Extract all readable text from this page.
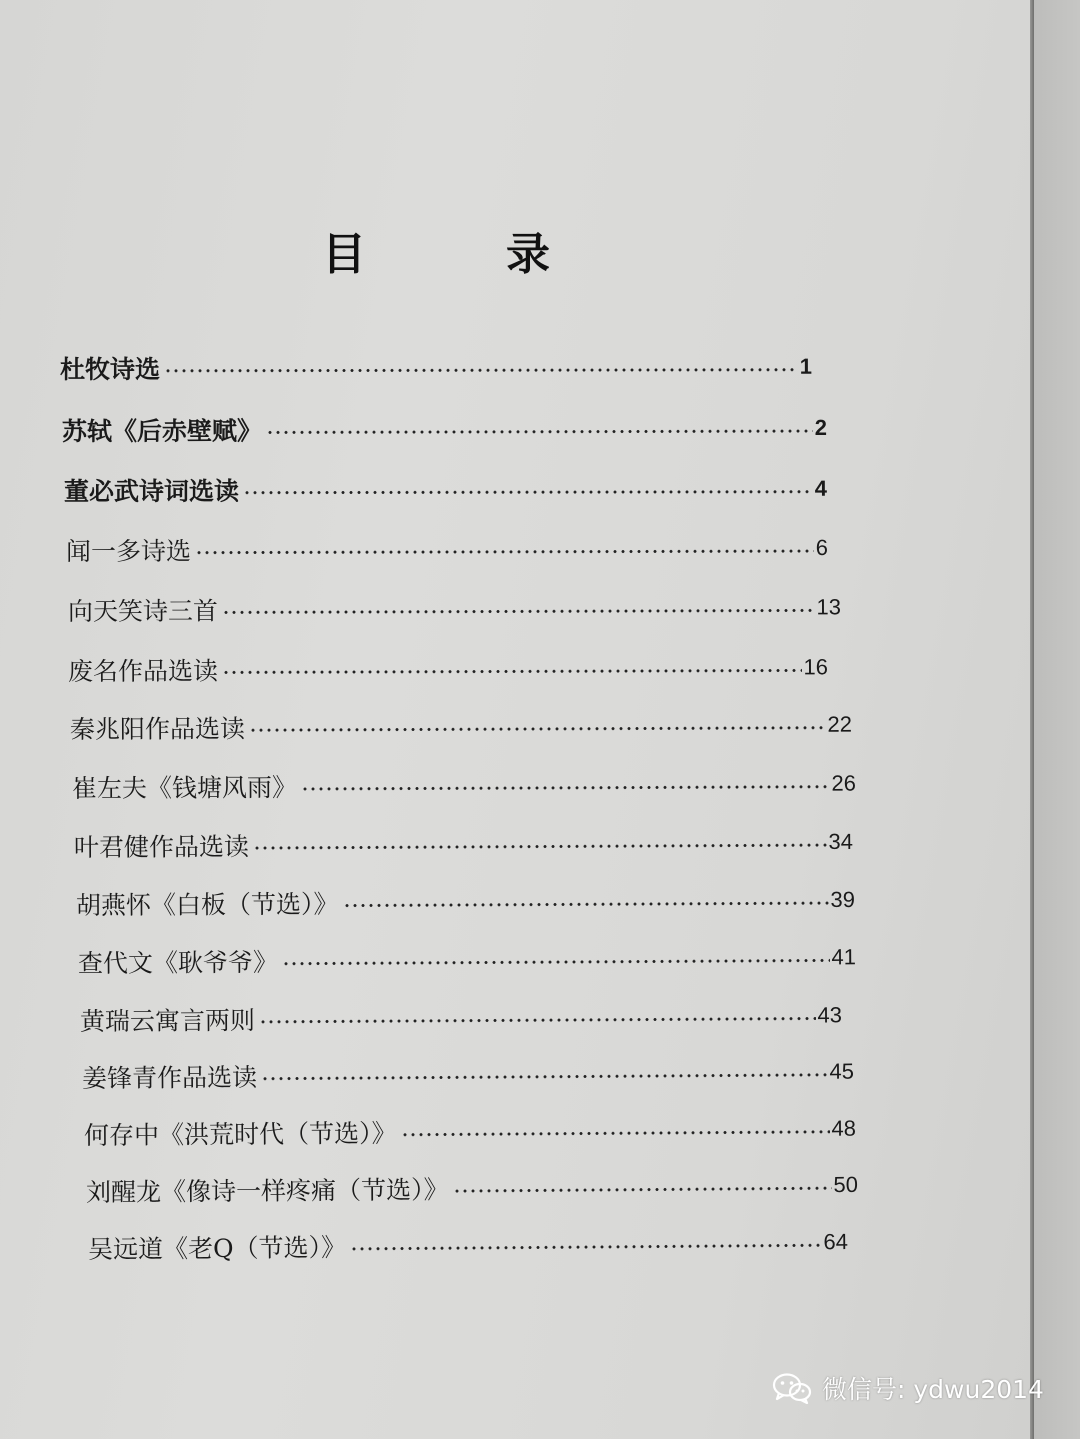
目　录
杜牧诗选	1
苏轼《后赤壁赋》	2
董必武诗词选读	4
闻一多诗选	6
向天笑诗三首	13
废名作品选读	16
秦兆阳作品选读	22
崔左夫《钱塘风雨》	26
叶君健作品选读	34
胡燕怀《白板（节选）》	39
查代文《耿爷爷》	41
黄瑞云寓言两则	43
姜锋青作品选读	45
何存中《洪荒时代（节选）》	48
刘醒龙《像诗一样疼痛（节选）》	50
吴远道《老Q（节选）》	64
微信号: ydwu2014
